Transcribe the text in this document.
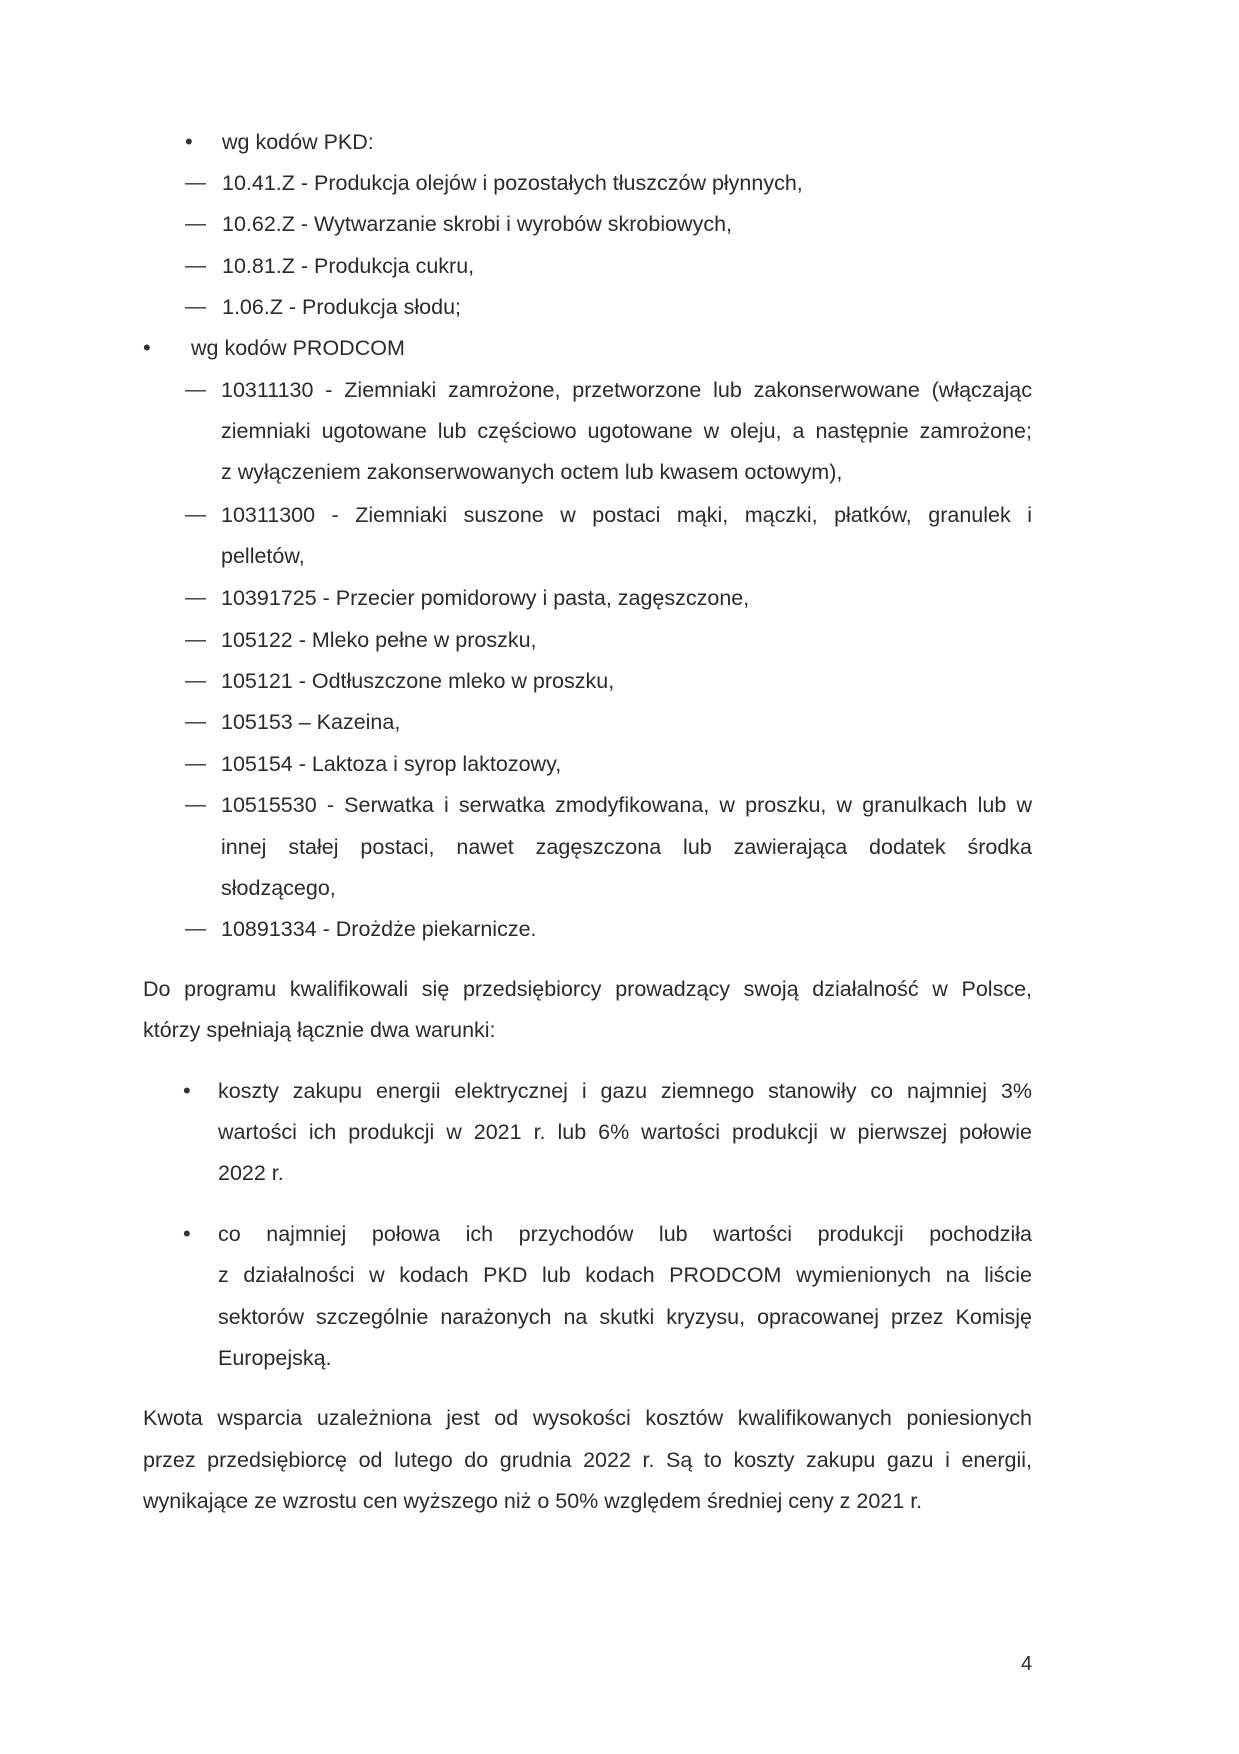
• wg kodów PKD:
— 10.41.Z - Produkcja olejów i pozostałych tłuszczów płynnych,
— 10.62.Z - Wytwarzanie skrobi i wyrobów skrobiowych,
— 10.81.Z - Produkcja cukru,
— 1.06.Z - Produkcja słodu;
• wg kodów PRODCOM
— 10311130 - Ziemniaki zamrożone, przetworzone lub zakonserwowane (włączając
ziemniaki ugotowane lub częściowo ugotowane w oleju, a następnie zamrożone;
z wyłączeniem zakonserwowanych octem lub kwasem octowym),
— 10311300 - Ziemniaki suszone w postaci mąki, mączki, płatków, granulek i
pelletów,
— 10391725 - Przecier pomidorowy i pasta, zagęszczone,
— 105122 - Mleko pełne w proszku,
— 105121 - Odtłuszczone mleko w proszku,
— 105153 – Kazeina,
— 105154 - Laktoza i syrop laktozowy,
— 10515530 - Serwatka i serwatka zmodyfikowana, w proszku, w granulkach lub w
innej stałej postaci, nawet zagęszczona lub zawierająca dodatek środka
słodzącego,
— 10891334 - Drożdże piekarnicze.
Do programu kwalifikowali się przedsiębiorcy prowadzący swoją działalność w Polsce,
którzy spełniają łącznie dwa warunki:
• koszty zakupu energii elektrycznej i gazu ziemnego stanowiły co najmniej 3%
wartości ich produkcji w 2021 r. lub 6% wartości produkcji w pierwszej połowie
2022 r.
• co najmniej połowa ich przychodów lub wartości produkcji pochodziła
z działalności w kodach PKD lub kodach PRODCOM wymienionych na liście
sektorów szczególnie narażonych na skutki kryzysu, opracowanej przez Komisję
Europejską.
Kwota wsparcia uzależniona jest od wysokości kosztów kwalifikowanych poniesionych
przez przedsiębiorcę od lutego do grudnia 2022 r. Są to koszty zakupu gazu i energii,
wynikające ze wzrostu cen wyższego niż o 50% względem średniej ceny z 2021 r.
4
